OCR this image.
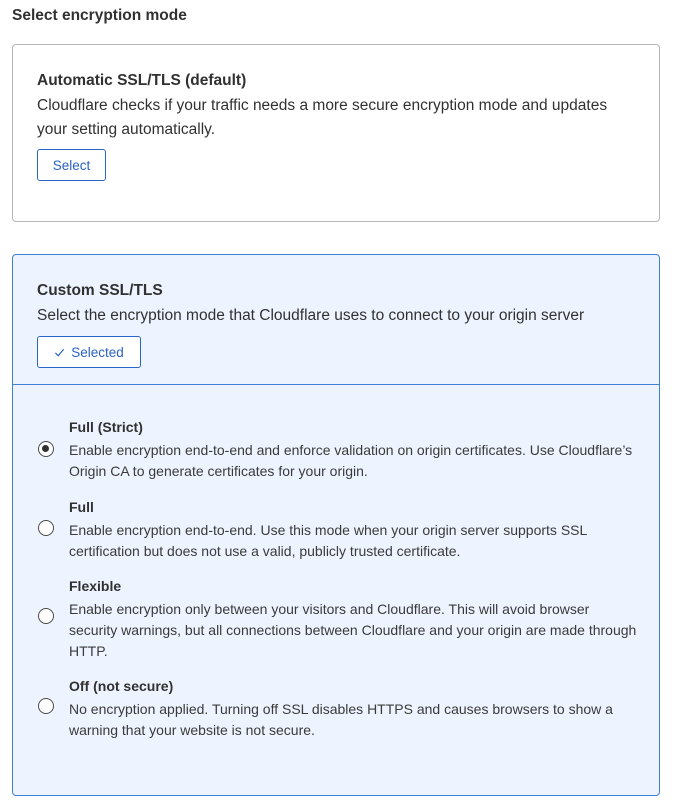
Select encryption mode
Automatic SSL/TLS (default)
Cloudflare checks if your traffic needs a more secure encryption mode and updates your setting automatically.
Select
Custom SSL/TLS
Select the encryption mode that Cloudflare uses to connect to your origin server
Selected
Full (Strict)
Enable encryption end-to-end and enforce validation on origin certificates. Use Cloudflare’s Origin CA to generate certificates for your origin.
Full
Enable encryption end-to-end. Use this mode when your origin server supports SSL certification but does not use a valid, publicly trusted certificate.
Flexible
Enable encryption only between your visitors and Cloudflare. This will avoid browser security warnings, but all connections between Cloudflare and your origin are made through HTTP.
Off (not secure)
No encryption applied. Turning off SSL disables HTTPS and causes browsers to show a warning that your website is not secure.
